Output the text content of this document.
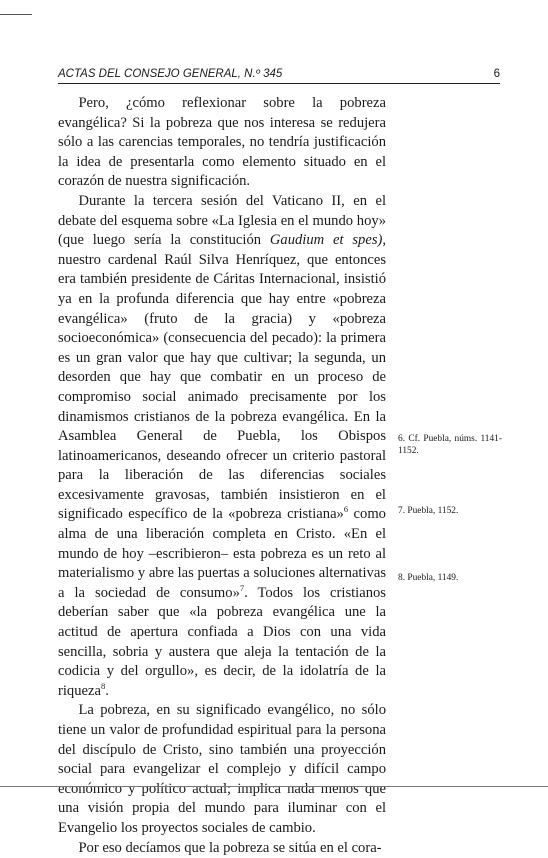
ACTAS DEL CONSEJO GENERAL, N.º 345	6

Pero, ¿cómo reflexionar sobre la pobreza evangélica? Si la pobreza que nos interesa se redujera sólo a las carencias temporales, no tendría justificación la idea de presentarla como elemento situado en el corazón de nuestra significación.

Durante la tercera sesión del Vaticano II, en el debate del esquema sobre «La Iglesia en el mundo hoy» (que luego sería la constitución Gaudium et spes), nuestro cardenal Raúl Silva Henríquez, que entonces era también presidente de Cáritas Internacional, insistió ya en la profunda diferencia que hay entre «pobreza evangélica» (fruto de la gracia) y «pobreza socioeconómica» (consecuencia del pecado): la primera es un gran valor que hay que cultivar; la segunda, un desorden que hay que combatir en un proceso de compromiso social animado precisamente por los dinamismos cristianos de la pobreza evangélica. En la Asamblea General de Puebla, los Obispos latinoamericanos, deseando ofrecer un criterio pastoral para la liberación de las diferencias sociales excesivamente gravosas, también insistieron en el significado específico de la «pobreza cristiana»$^6$ como alma de una liberación completa en Cristo. «En el mundo de hoy –escribieron– esta pobreza es un reto al materialismo y abre las puertas a soluciones alternativas a la sociedad de consumo»$^7$. Todos los cristianos deberían saber que «la pobreza evangélica une la actitud de apertura confiada a Dios con una vida sencilla, sobria y austera que aleja la tentación de la codicia y del orgullo», es decir, de la idolatría de la riqueza$^8$.

La pobreza, en su significado evangélico, no sólo tiene un valor de profundidad espiritual para la persona del discípulo de Cristo, sino también una proyección social para evangelizar el complejo y difícil campo económico y político actual; implica nada menos que una visión propia del mundo para iluminar con el Evangelio los proyectos sociales de cambio.

Por eso decíamos que la pobreza se sitúa en el cora-

6. Cf. Puebla, núms. 1141-1152.
7. Puebla, 1152.
8. Puebla, 1149.
